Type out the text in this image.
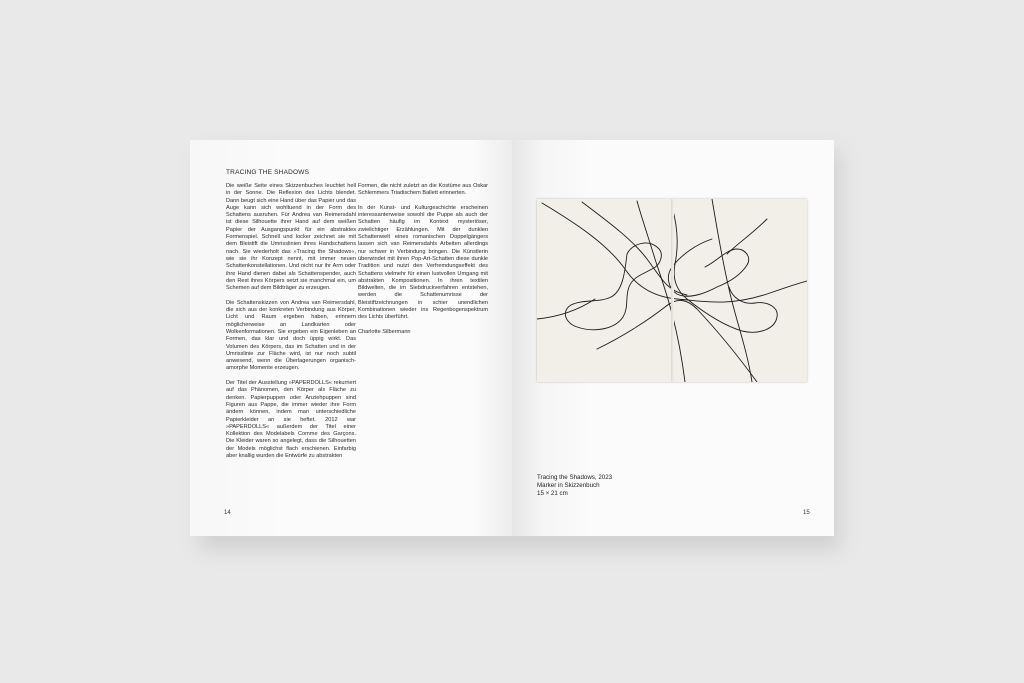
TRACING THE SHADOWS

Die weiße Seite eines Skizzenbuches leuchtet hell in der Sonne. Die Reflexion des Lichts blendet. Dann beugt sich eine Hand über das Papier und das Auge kann sich wohltuend in der Form des Schattens ausruhen. Für Andrea van Reimersdahl ist diese Silhouette ihrer Hand auf dem weißen Papier der Ausgangspunkt für ein abstraktes Formenspiel. Schnell und locker zeichnet sie mit dem Bleistift die Umrisslinien ihres Handschattens nach. Sie wiederholt das »Tracing the Shadows«, wie sie ihr Konzept nennt, mit immer neuen Schattenkonstellationen. Und nicht nur ihr Arm oder ihre Hand dienen dabei als Schattenspender, auch den Rest ihres Körpers setzt sie manchmal ein, um Schemen auf dem Bildträger zu erzeugen.

Die Schattenskizzen von Andrea van Reimersdahl, die sich aus der konkreten Verbindung aus Körper, Licht und Raum ergeben haben, erinnern möglicherweise an Landkarten oder Wolkenformationen. Sie ergeben ein Eigenleben an Formen, das klar und doch üppig wirkt. Das Volumen des Körpers, das im Schatten und in der Umrisslinie zur Fläche wird, ist nur noch subtil anwesend, wenn die Überlagerungen organisch-amorphe Momente erzeugen.

Der Titel der Ausstellung »PAPERDOLLS« rekurriert auf das Phänomen, den Körper als Fläche zu denken. Papierpuppen oder Anziehpuppen sind Figuren aus Pappe, die immer wieder ihre Form ändern können, indem man unterschiedliche Papierkleider an sie heftet. 2012 war »PAPERDOLLS« außerdem der Titel einer Kollektion des Modelabels Comme des Garçons. Die Kleider waren so angelegt, dass die Silhouetten der Models möglichst flach erschienen. Einfarbig aber knallig wurden die Entwürfe zu abstrakten

Formen, die nicht zuletzt an die Kostüme aus Oskar Schlemmers Triadischem Ballett erinnerten.

In der Kunst- und Kulturgeschichte erscheinen interessanterweise sowohl die Puppe als auch der Schatten häufig im Kontext mysteriöser, zwielichtiger Erzählungen. Mit der dunklen Schattenwelt eines romanischen Doppelgängers lassen sich van Reimersdahls Arbeiten allerdings nur schwer in Verbindung bringen. Die Künstlerin überwindet mit ihren Pop-Art-Schatten diese dunkle Tradition und nutzt den Verfremdungseffekt des Schattens vielmehr für einen lustvollen Umgang mit abstrakten Kompositionen. In ihren textilen Bildwelten, die im Siebdruckverfahren entstehen, werden die Schattenumrisse der Bleistiftzeichnungen in schier unendlichen Kombinationen wieder ins Regenbogenspektrum des Lichts überführt.

Charlotte Silbermann

14
Tracing the Shadows, 2023
Marker in Skizzenbuch
15 × 21 cm
15
